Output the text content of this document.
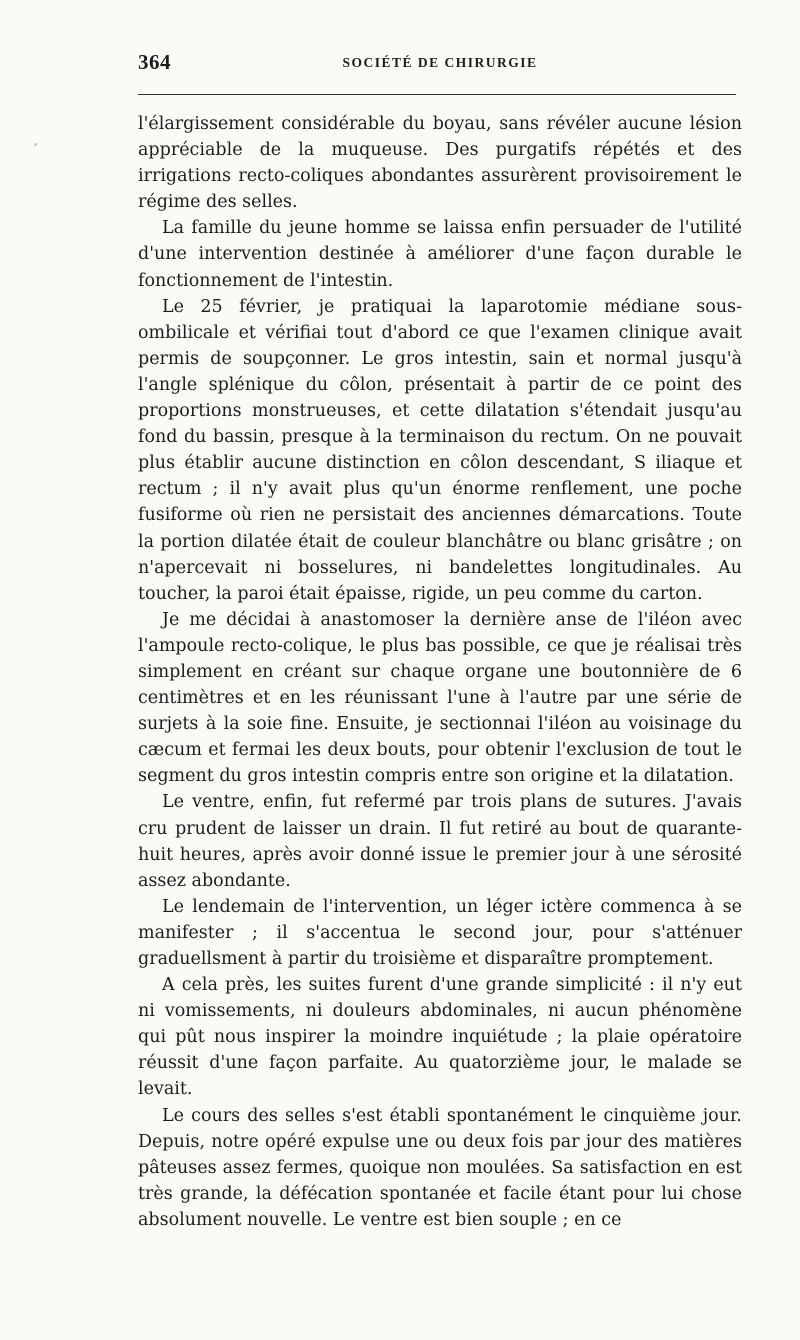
364	SOCIÉTÉ DE CHIRURGIE

l'élargissement considérable du boyau, sans révéler aucune lésion appréciable de la muqueuse. Des purgatifs répétés et des irrigations recto-coliques abondantes assurèrent provisoirement le régime des selles.

La famille du jeune homme se laissa enfin persuader de l'utilité d'une intervention destinée à améliorer d'une façon durable le fonctionnement de l'intestin.

Le 25 février, je pratiquai la laparotomie médiane sous-ombilicale et vérifiai tout d'abord ce que l'examen clinique avait permis de soupçonner. Le gros intestin, sain et normal jusqu'à l'angle splénique du côlon, présentait à partir de ce point des proportions monstrueuses, et cette dilatation s'étendait jusqu'au fond du bassin, presque à la terminaison du rectum. On ne pouvait plus établir aucune distinction en côlon descendant, S iliaque et rectum ; il n'y avait plus qu'un énorme renflement, une poche fusiforme où rien ne persistait des anciennes démarcations. Toute la portion dilatée était de couleur blanchâtre ou blanc grisâtre ; on n'apercevait ni bosselures, ni bandelettes longitudinales. Au toucher, la paroi était épaisse, rigide, un peu comme du carton.

Je me décidai à anastomoser la dernière anse de l'iléon avec l'ampoule recto-colique, le plus bas possible, ce que je réalisai très simplement en créant sur chaque organe une boutonnière de 6 centimètres et en les réunissant l'une à l'autre par une série de surjets à la soie fine. Ensuite, je sectionnai l'iléon au voisinage du cæcum et fermai les deux bouts, pour obtenir l'exclusion de tout le segment du gros intestin compris entre son origine et la dilatation.

Le ventre, enfin, fut refermé par trois plans de sutures. J'avais cru prudent de laisser un drain. Il fut retiré au bout de quarante-huit heures, après avoir donné issue le premier jour à une sérosité assez abondante.

Le lendemain de l'intervention, un léger ictère commenca à se manifester ; il s'accentua le second jour, pour s'atténuer graduellsment à partir du troisième et disparaître promptement.

A cela près, les suites furent d'une grande simplicité : il n'y eut ni vomissements, ni douleurs abdominales, ni aucun phénomène qui pût nous inspirer la moindre inquiétude ; la plaie opératoire réussit d'une façon parfaite. Au quatorzième jour, le malade se levait.

Le cours des selles s'est établi spontanément le cinquième jour. Depuis, notre opéré expulse une ou deux fois par jour des matières pâteuses assez fermes, quoique non moulées. Sa satisfaction en est très grande, la défécation spontanée et facile étant pour lui chose absolument nouvelle. Le ventre est bien souple ; en ce
